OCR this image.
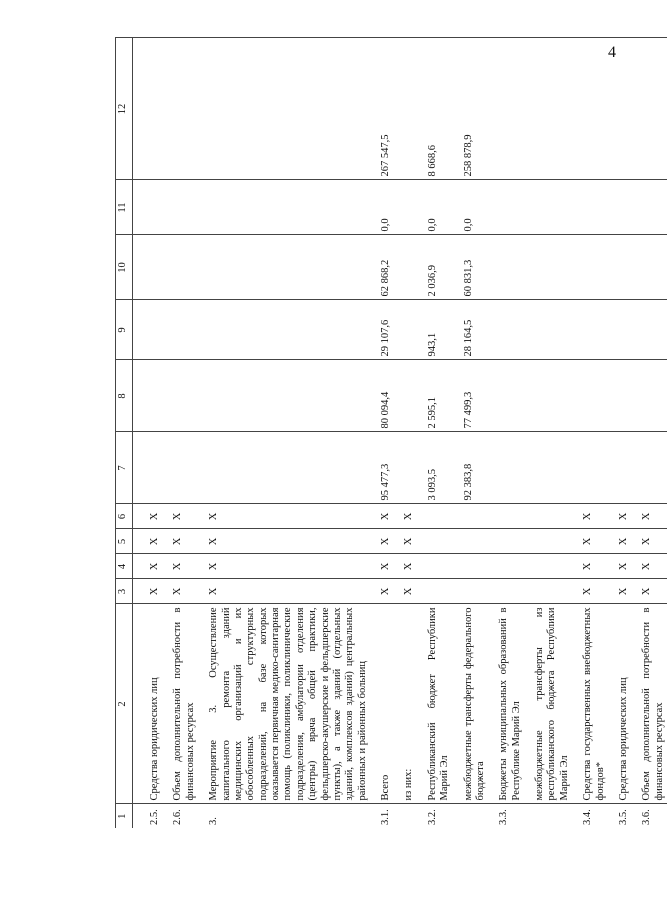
4
1	2	3	4	5	6	7	8	9	10	11	12
2.5.	Средства юридических лиц	X	X	X	X						
2.6.	Объем дополнительной потребности в финансовых ресурсах	X	X	X	X						
3.	Мероприятие 3. Осуществление капитального ремонта зданий медицинских организаций и их обособленных структурных подразделений, на базе которых оказывается первичная медико-санитарная помощь (поликлиники, поликлинические подразделения, амбулатории отделения (центры) врача общей практики, фельдшерско-акушерские и фельдшерские пункты), а также зданий (отдельных зданий, комплексов зданий) центральных районных и районных больниц	X	X	X	X						
3.1.	Всего	X	X	X	X	95 477,3	80 094,4	29 107,6	62 868,2	0,0	267 547,5
	из них:	X	X	X	X						
3.2.	Республиканский бюджет Республики Марий Эл					3 093,5	2 595,1	943,1	2 036,9	0,0	8 668,6
	межбюджетные трансферты федерального бюджета					92 383,8	77 499,3	28 164,5	60 831,3	0,0	258 878,9
3.3.	Бюджеты муниципальных образований в Республике Марий Эл										
	межбюджетные трансферты из республиканского бюджета Республики Марий Эл										
3.4.	Средства государственных внебюджетных фондов*	X	X	X	X						
3.5.	Средства юридических лиц	X	X	X	X						
3.6.	Объем дополнительной потребности в финансовых ресурсах	X	X	X	X						
